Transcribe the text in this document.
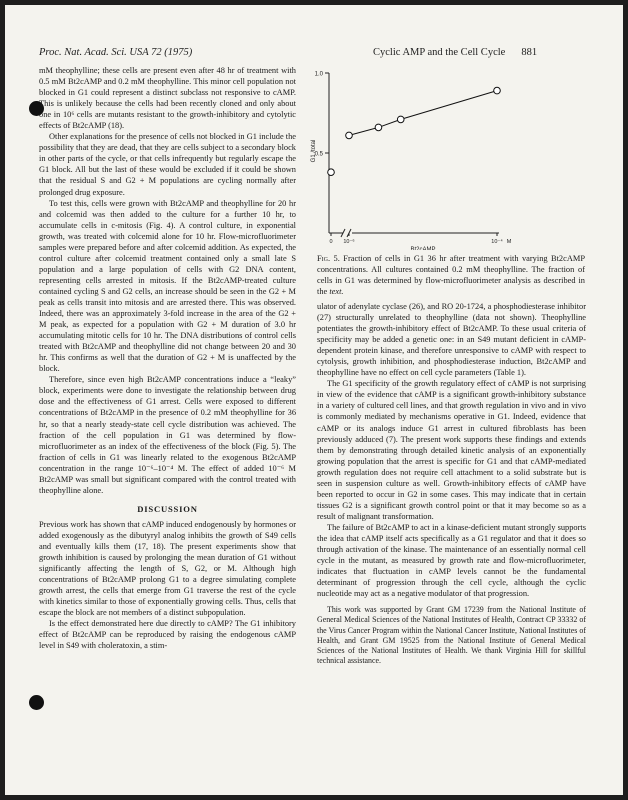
Proc. Nat. Acad. Sci. USA 72 (1975)	Cyclic AMP and the Cell Cycle 881

mM theophylline; these cells are present even after 48 hr of treatment with 0.5 mM Bt2cAMP and 0.2 mM theophylline. This minor cell population not blocked in G1 could represent a distinct subclass not responsive to cAMP. This is unlikely because the cells had been recently cloned and only about one in 10⁶ cells are mutants resistant to the growth-inhibitory and cytolytic effects of Bt2cAMP (18).

Other explanations for the presence of cells not blocked in G1 include the possibility that they are dead, that they are cells subject to a secondary block in other parts of the cycle, or that cells infrequently but regularly escape the G1 block. All but the last of these would be excluded if it could be shown that the residual S and G2 + M populations are cycling normally after prolonged drug exposure.

To test this, cells were grown with Bt2cAMP and theophylline for 20 hr and colcemid was then added to the culture for a further 10 hr, to accumulate cells in c-mitosis (Fig. 4). A control culture, in exponential growth, was treated with colcemid alone for 10 hr. Flow-microfluorimeter samples were prepared before and after colcemid addition. As expected, the control culture after colcemid treatment contained only a small late S population and a large population of cells with G2 DNA content, representing cells arrested in mitosis. If the Bt2cAMP-treated culture contained cycling S and G2 cells, an increase should be seen in the G2 + M peak as cells transit into mitosis and are arrested there. This was observed. Indeed, there was an approximately 3-fold increase in the area of the G2 + M peak, as expected for a population with G2 + M duration of 3.0 hr accumulating mitotic cells for 10 hr. The DNA distributions of control cells treated with Bt2cAMP and theophylline did not change between 20 and 30 hr. This confirms as well that the duration of G2 + M is unaffected by the block.

Therefore, since even high Bt2cAMP concentrations induce a “leaky” block, experiments were done to investigate the relationship between drug dose and the effectiveness of G1 arrest. Cells were exposed to different concentrations of Bt2cAMP in the presence of 0.2 mM theophylline for 36 hr, so that a nearly steady-state cell cycle distribution was achieved. The fraction of the cell population in G1 was determined by flow-microfluorimeter as an index of the effectiveness of the block (Fig. 5). The fraction of cells in G1 was linearly related to the exogenous Bt2cAMP concentration in the range 10⁻⁶–10⁻⁴ M. The effect of added 10⁻⁶ M Bt2cAMP was small but significant compared with the control treated with theophylline alone.

DISCUSSION

Previous work has shown that cAMP induced endogenously by hormones or added exogenously as the dibutyryl analog inhibits the growth of S49 cells and eventually kills them (17, 18). The present experiments show that growth inhibition is caused by prolonging the mean duration of G1 without significantly affecting the length of S, G2, or M. Although high concentrations of Bt2cAMP prolong G1 to a degree simulating complete growth arrest, the cells that emerge from G1 traverse the rest of the cycle with kinetics similar to those of exponentially growing cells. Thus, cells that escape the block are not members of a distinct subpopulation.

Is the effect demonstrated here due directly to cAMP? The G1 inhibitory effect of Bt2cAMP can be reproduced by raising the endogenous cAMP level in S49 with choleratoxin, a stim-

1.0
0.5
G1 /total
0 10⁻⁶	10⁻⁴ M
Bt2cAMP
Fig. 5. Fraction of cells in G1 36 hr after treatment with varying Bt2cAMP concentrations. All cultures contained 0.2 mM theophylline. The fraction of cells in G1 was determined by flow-microfluorimeter analysis as described in the text.

ulator of adenylate cyclase (26), and RO 20-1724, a phosphodiesterase inhibitor (27) structurally unrelated to theophylline (data not shown). Theophylline potentiates the growth-inhibitory effect of Bt2cAMP. To these usual criteria of specificity may be added a genetic one: in an S49 mutant deficient in cAMP-dependent protein kinase, and therefore unresponsive to cAMP with respect to cytolysis, growth inhibition, and phosphodiesterase induction, Bt2cAMP and theophylline have no effect on cell cycle parameters (Table 1).

The G1 specificity of the growth regulatory effect of cAMP is not surprising in view of the evidence that cAMP is a significant growth-inhibitory substance in a variety of cultured cell lines, and that growth regulation in vivo and in vivo is commonly mediated by mechanisms operative in G1. Indeed, evidence that cAMP or its analogs induce G1 arrest in cultured fibroblasts has been previously adduced (7). The present work supports these findings and extends them by demonstrating through detailed kinetic analysis of an exponentially growing population that the arrest is specific for G1 and that cAMP-mediated growth regulation does not require cell attachment to a solid substrate but is seen in suspension culture as well. Growth-inhibitory effects of cAMP have been reported to occur in G2 in some cases. This may indicate that in certain tissues G2 is a significant growth control point or that it may become so as a result of malignant transformation.

The failure of Bt2cAMP to act in a kinase-deficient mutant strongly supports the idea that cAMP itself acts specifically as a G1 regulator and that it does so through activation of the kinase. The maintenance of an essentially normal cell cycle in the mutant, as measured by growth rate and flow-microfluorimeter, indicates that fluctuation in cAMP levels cannot be the fundamental determinant of progression through the cell cycle, although the cyclic nucleotide may act as a negative modulator of that progression.

This work was supported by Grant GM 17239 from the National Institute of General Medical Sciences of the National Institutes of Health, Contract CP 33332 of the Virus Cancer Program within the National Cancer Institute, National Institutes of Health, and Grant GM 19525 from the National Institute of General Medical Sciences of the National Institutes of Health. We thank Virginia Hill for skillful technical assistance.
